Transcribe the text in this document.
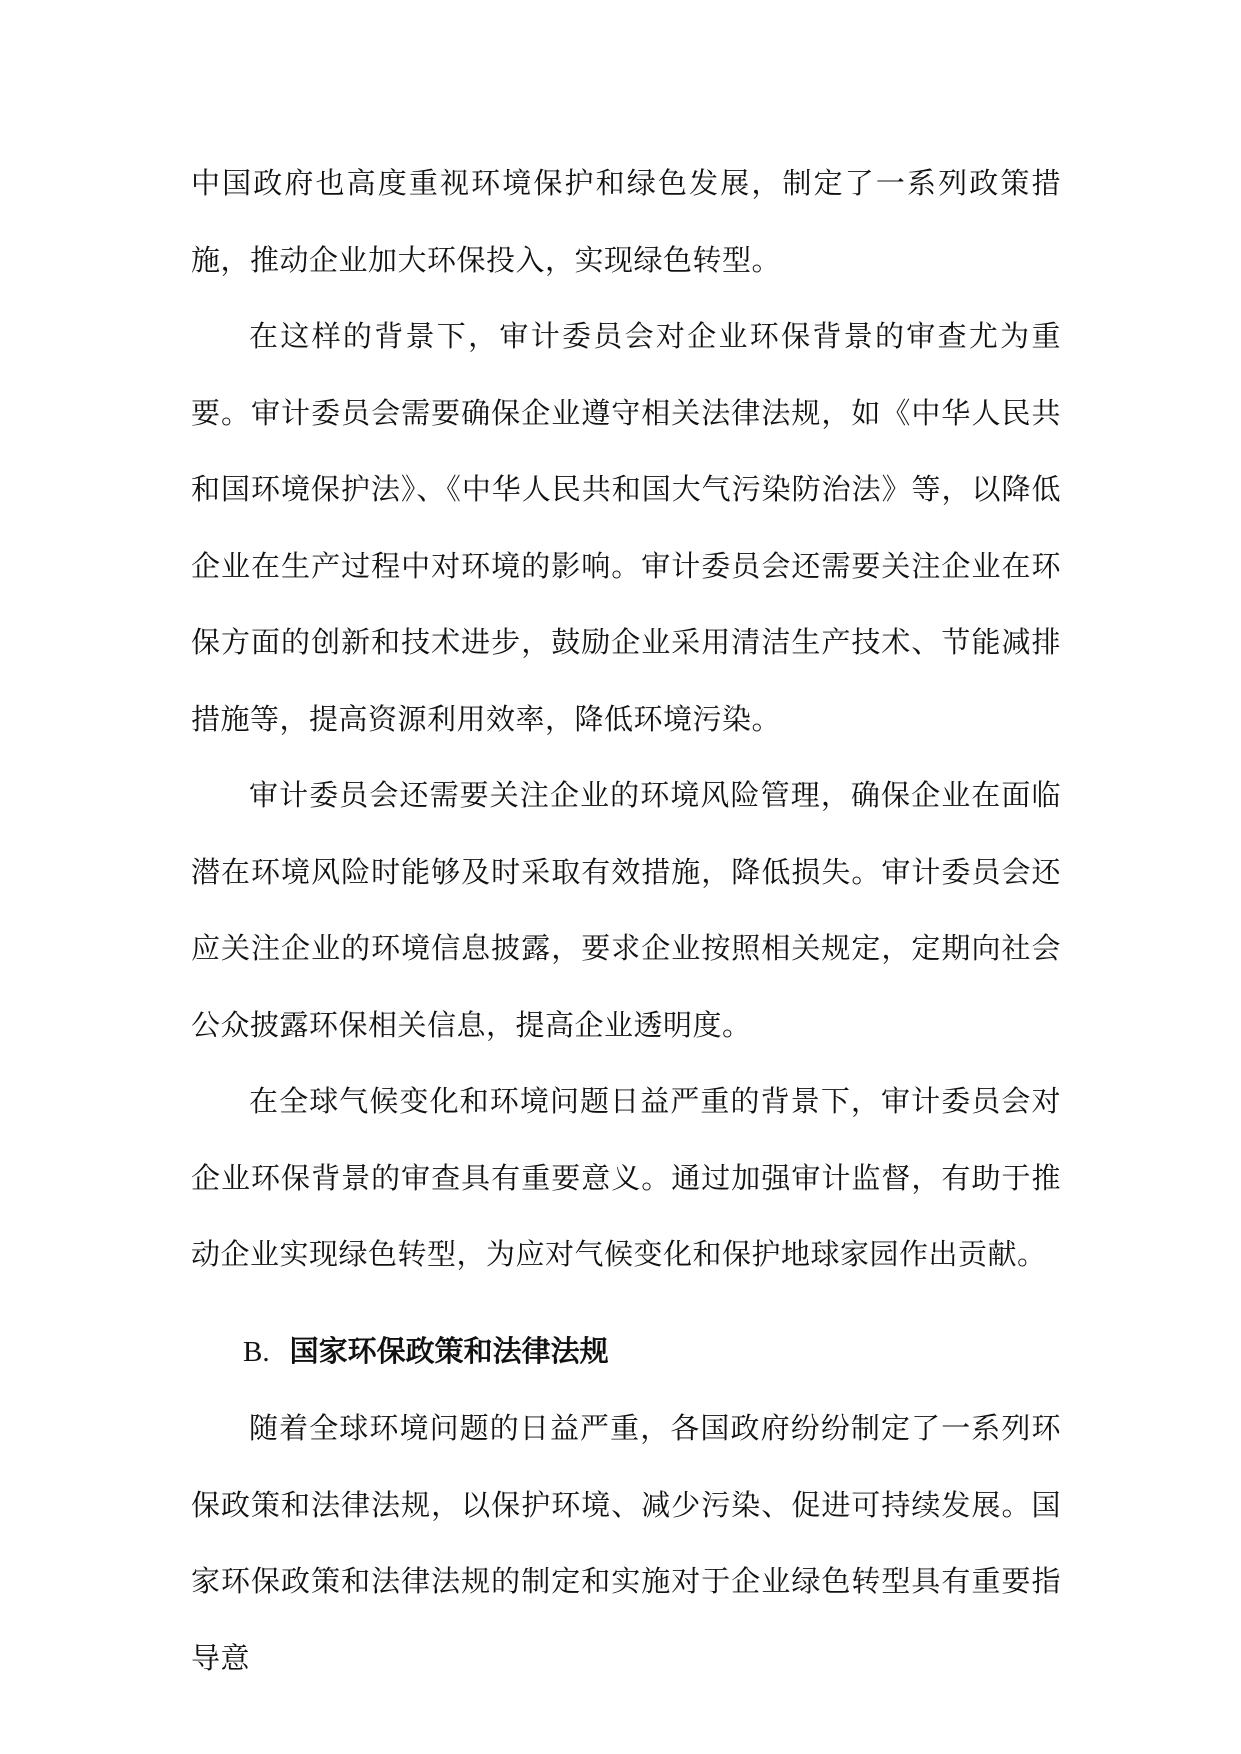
中国政府也高度重视环境保护和绿色发展，制定了一系列政策措施，推动企业加大环保投入，实现绿色转型。

在这样的背景下，审计委员会对企业环保背景的审查尤为重要。审计委员会需要确保企业遵守相关法律法规，如《中华人民共和国环境保护法》、《中华人民共和国大气污染防治法》等，以降低企业在生产过程中对环境的影响。审计委员会还需要关注企业在环保方面的创新和技术进步，鼓励企业采用清洁生产技术、节能减排措施等，提高资源利用效率，降低环境污染。

审计委员会还需要关注企业的环境风险管理，确保企业在面临潜在环境风险时能够及时采取有效措施，降低损失。审计委员会还应关注企业的环境信息披露，要求企业按照相关规定，定期向社会公众披露环保相关信息，提高企业透明度。

在全球气候变化和环境问题日益严重的背景下，审计委员会对企业环保背景的审查具有重要意义。通过加强审计监督，有助于推动企业实现绿色转型，为应对气候变化和保护地球家园作出贡献。

B. 国家环保政策和法律法规

随着全球环境问题的日益严重，各国政府纷纷制定了一系列环保政策和法律法规，以保护环境、减少污染、促进可持续发展。国家环保政策和法律法规的制定和实施对于企业绿色转型具有重要指导意
